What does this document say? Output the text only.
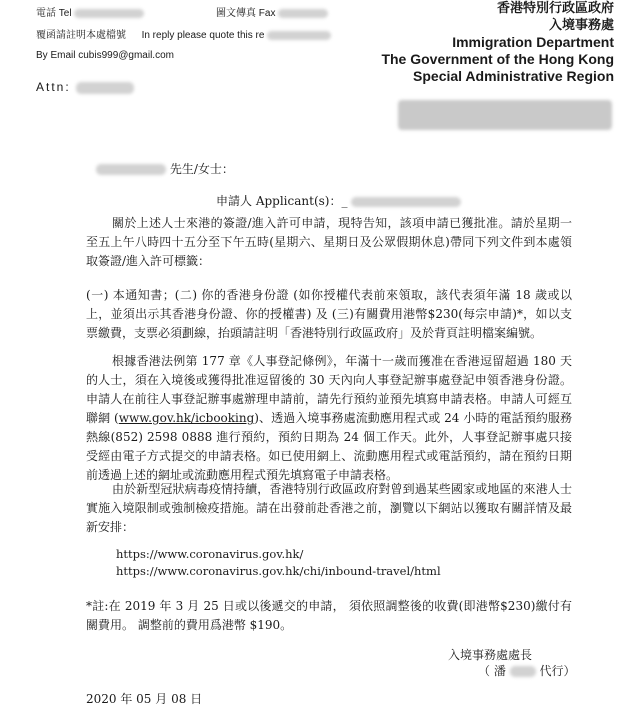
電話 Tel	圖文傳真 Fax
覆函請註明本處檔號 In reply please quote this re
By Email cubis999@gmail.com
Attn:
香港特別行政區政府
入境事務處
Immigration Department
The Government of the Hong Kong
Special Administrative Region
先生/女士：
申請人 Applicant(s)：_

關於上述人士來港的簽證/進入許可申請，現特告知，該項申請已獲批准。請於星期一至五上午八時四十五分至下午五時(星期六、星期日及公眾假期休息)帶同下列文件到本處領取簽證/進入許可標籤：

(一) 本通知書；(二) 你的香港身份證 (如你授權代表前來領取，該代表須年滿 18 歲或以上，並須出示其香港身份證、你的授權書) 及 (三)有關費用港幣$230(每宗申請)*，如以支票繳費，支票必須劃線，抬頭請註明「香港特別行政區政府」及於背頁註明檔案編號。

根據香港法例第 177 章《人事登記條例》，年滿十一歲而獲准在香港逗留超過 180 天的人士，須在入境後或獲得批准逗留後的 30 天內向人事登記辦事處登記申領香港身份證。申請人在前往人事登記辦事處辦理申請前，請先行預約並預先填寫申請表格。申請人可經互聯網 (www.gov.hk/icbooking)、透過入境事務處流動應用程式或 24 小時的電話預約服務熱線(852) 2598 0888 進行預約，預約日期為 24 個工作天。此外，人事登記辦事處只接受經由電子方式提交的申請表格。如已使用網上、流動應用程式或電話預約，請在預約日期前透過上述的網址或流動應用程式預先填寫電子申請表格。

由於新型冠狀病毒疫情持續，香港特別行政區政府對曾到過某些國家或地區的來港人士實施入境限制或強制檢疫措施。請在出發前赴香港之前，瀏覽以下網站以獲取有關詳情及最新安排：

https://www.coronavirus.gov.hk/
https://www.coronavirus.gov.hk/chi/inbound-travel/html

*註:在 2019 年 3 月 25 日或以後遞交的申請， 須依照調整後的收費(即港幣$230)繳付有關費用。 調整前的費用爲港幣 $190。

入境事務處處長
（ 潘	代行）
2020 年 05 月 08 日
